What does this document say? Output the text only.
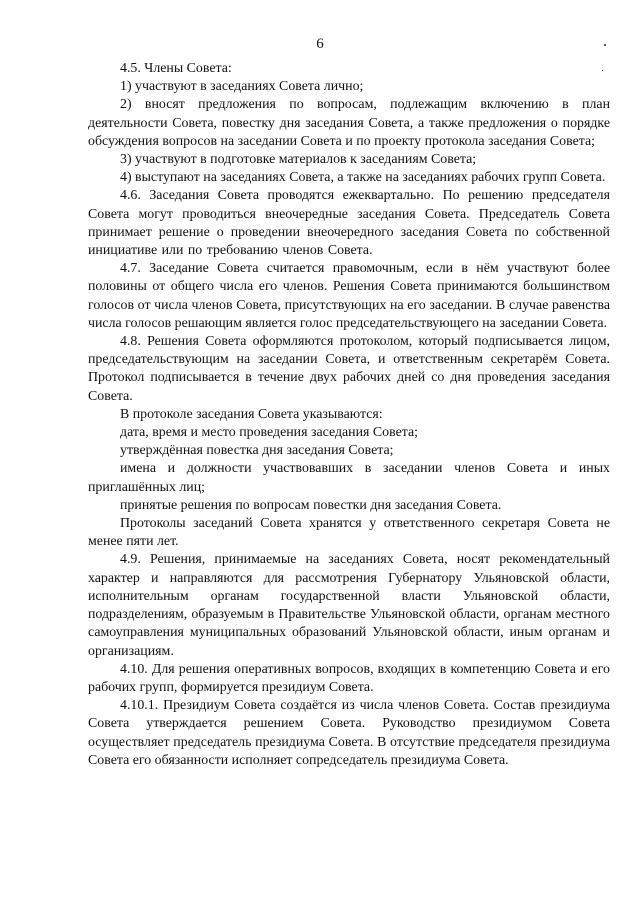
6

4.5. Члены Совета:

1) участвуют в заседаниях Совета лично;

2) вносят предложения по вопросам, подлежащим включению в план деятельности Совета, повестку дня заседания Совета, а также предложения о порядке обсуждения вопросов на заседании Совета и по проекту протокола заседания Совета;

3) участвуют в подготовке материалов к заседаниям Совета;

4) выступают на заседаниях Совета, а также на заседаниях рабочих групп Совета.

4.6. Заседания Совета проводятся ежеквартально. По решению председателя Совета могут проводиться внеочередные заседания Совета. Председатель Совета принимает решение о проведении внеочередного заседания Совета по собственной инициативе или по требованию членов Совета.

4.7. Заседание Совета считается правомочным, если в нём участвуют более половины от общего числа его членов. Решения Совета принимаются большинством голосов от числа членов Совета, присутствующих на его заседании. В случае равенства числа голосов решающим является голос председательствующего на заседании Совета.

4.8. Решения Совета оформляются протоколом, который подписывается лицом, председательствующим на заседании Совета, и ответственным секретарём Совета. Протокол подписывается в течение двух рабочих дней со дня проведения заседания Совета.

В протоколе заседания Совета указываются:

дата, время и место проведения заседания Совета;

утверждённая повестка дня заседания Совета;

имена и должности участвовавших в заседании членов Совета и иных приглашённых лиц;

принятые решения по вопросам повестки дня заседания Совета.

Протоколы заседаний Совета хранятся у ответственного секретаря Совета не менее пяти лет.

4.9. Решения, принимаемые на заседаниях Совета, носят рекомендательный характер и направляются для рассмотрения Губернатору Ульяновской области, исполнительным органам государственной власти Ульяновской области, подразделениям, образуемым в Правительстве Ульяновской области, органам местного самоуправления муниципальных образований Ульяновской области, иным органам и организациям.

4.10. Для решения оперативных вопросов, входящих в компетенцию Совета и его рабочих групп, формируется президиум Совета.

4.10.1. Президиум Совета создаётся из числа членов Совета. Состав президиума Совета утверждается решением Совета. Руководство президиумом Совета осуществляет председатель президиума Совета. В отсутствие председателя президиума Совета его обязанности исполняет сопредседатель президиума Совета.
